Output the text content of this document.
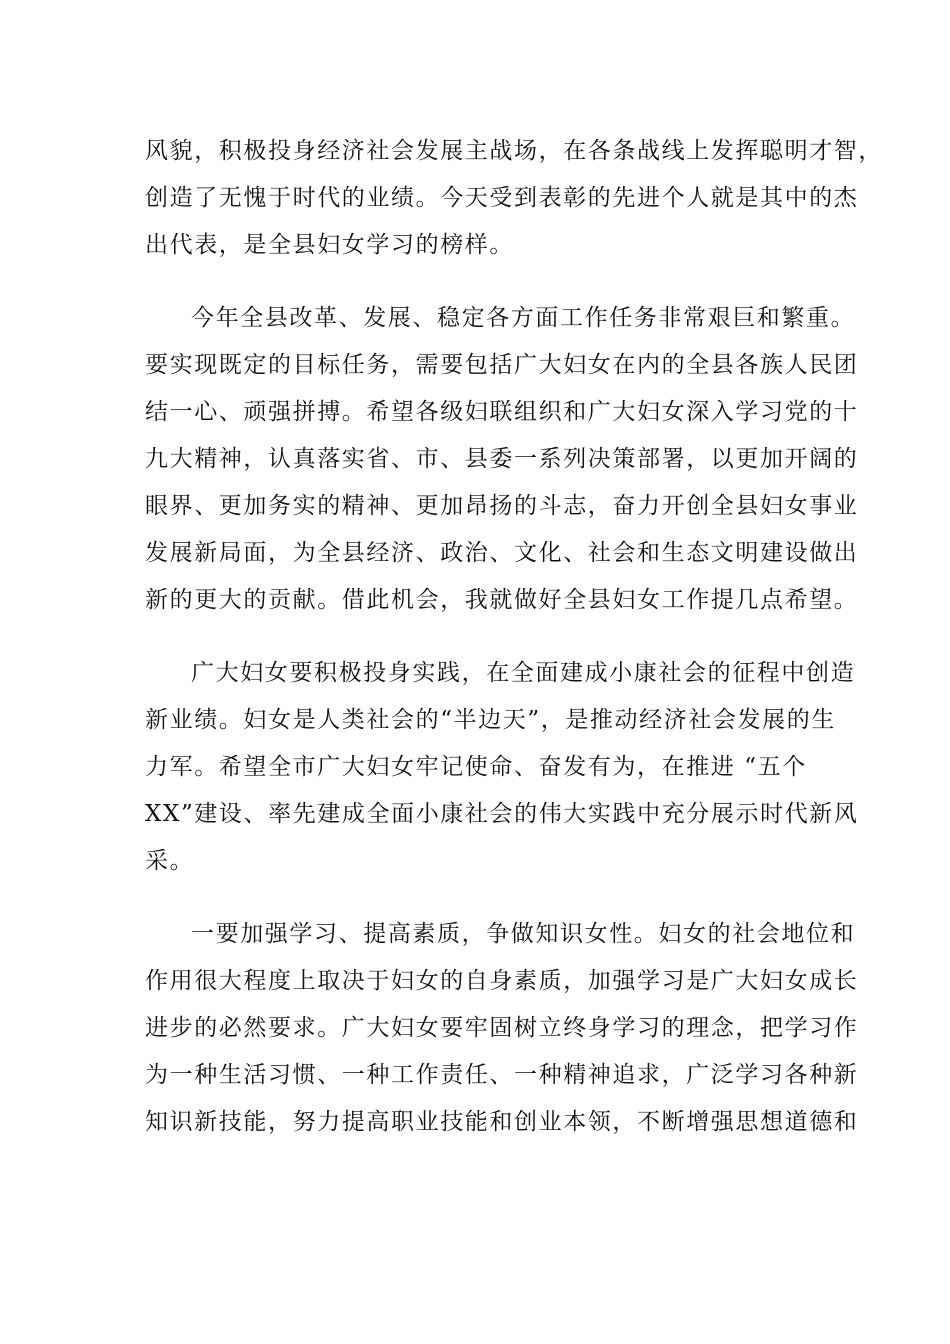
风貌，积极投身经济社会发展主战场，在各条战线上发挥聪明才智，
创造了无愧于时代的业绩。今天受到表彰的先进个人就是其中的杰
出代表，是全县妇女学习的榜样。
今年全县改革、发展、稳定各方面工作任务非常艰巨和繁重。
要实现既定的目标任务，需要包括广大妇女在内的全县各族人民团
结一心、顽强拼搏。希望各级妇联组织和广大妇女深入学习党的十
九大精神，认真落实省、市、县委一系列决策部署，以更加开阔的
眼界、更加务实的精神、更加昂扬的斗志，奋力开创全县妇女事业
发展新局面，为全县经济、政治、文化、社会和生态文明建设做出
新的更大的贡献。借此机会，我就做好全县妇女工作提几点希望。
广大妇女要积极投身实践，在全面建成小康社会的征程中创造
新业绩。妇女是人类社会的“半边天”，是推动经济社会发展的生
力军。希望全市广大妇女牢记使命、奋发有为，在推进 “五个
XX”建设、率先建成全面小康社会的伟大实践中充分展示时代新风
采。
一要加强学习、提高素质，争做知识女性。妇女的社会地位和
作用很大程度上取决于妇女的自身素质，加强学习是广大妇女成长
进步的必然要求。广大妇女要牢固树立终身学习的理念，把学习作
为一种生活习惯、一种工作责任、一种精神追求，广泛学习各种新
知识新技能，努力提高职业技能和创业本领，不断增强思想道德和
